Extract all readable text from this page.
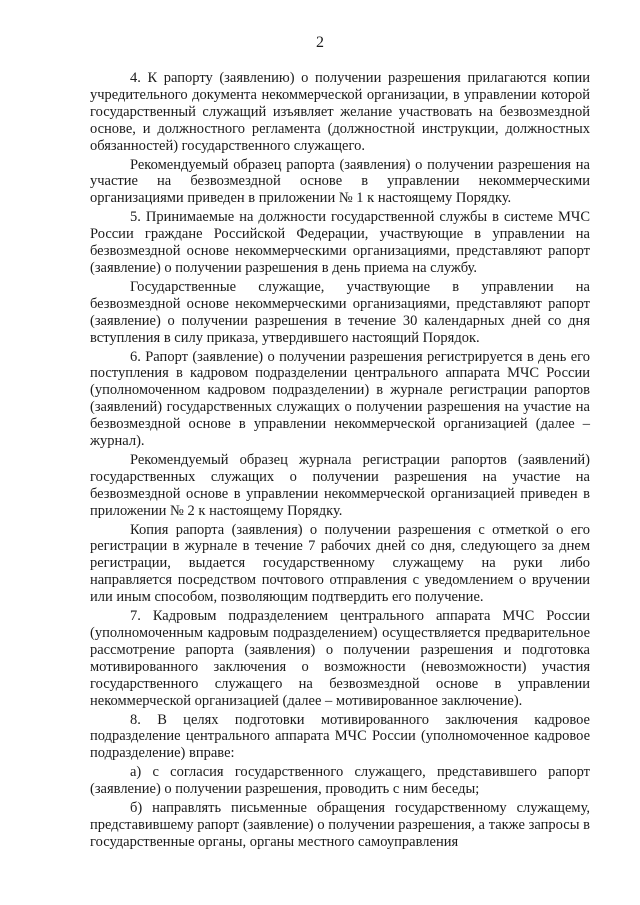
2

4. К рапорту (заявлению) о получении разрешения прилагаются копии учредительного документа некоммерческой организации, в управлении которой государственный служащий изъявляет желание участвовать на безвозмездной основе, и должностного регламента (должностной инструкции, должностных обязанностей) государственного служащего.

Рекомендуемый образец рапорта (заявления) о получении разрешения на участие на безвозмездной основе в управлении некоммерческими организациями приведен в приложении № 1 к настоящему Порядку.

5. Принимаемые на должности государственной службы в системе МЧС России граждане Российской Федерации, участвующие в управлении на безвозмездной основе некоммерческими организациями, представляют рапорт (заявление) о получении разрешения в день приема на службу.

Государственные служащие, участвующие в управлении на безвозмездной основе некоммерческими организациями, представляют рапорт (заявление) о получении разрешения в течение 30 календарных дней со дня вступления в силу приказа, утвердившего настоящий Порядок.

6. Рапорт (заявление) о получении разрешения регистрируется в день его поступления в кадровом подразделении центрального аппарата МЧС России (уполномоченном кадровом подразделении) в журнале регистрации рапортов (заявлений) государственных служащих о получении разрешения на участие на безвозмездной основе в управлении некоммерческой организацией (далее – журнал).

Рекомендуемый образец журнала регистрации рапортов (заявлений) государственных служащих о получении разрешения на участие на безвозмездной основе в управлении некоммерческой организацией приведен в приложении № 2 к настоящему Порядку.

Копия рапорта (заявления) о получении разрешения с отметкой о его регистрации в журнале в течение 7 рабочих дней со дня, следующего за днем регистрации, выдается государственному служащему на руки либо направляется посредством почтового отправления с уведомлением о вручении или иным способом, позволяющим подтвердить его получение.

7. Кадровым подразделением центрального аппарата МЧС России (уполномоченным кадровым подразделением) осуществляется предварительное рассмотрение рапорта (заявления) о получении разрешения и подготовка мотивированного заключения о возможности (невозможности) участия государственного служащего на безвозмездной основе в управлении некоммерческой организацией (далее – мотивированное заключение).

8. В целях подготовки мотивированного заключения кадровое подразделение центрального аппарата МЧС России (уполномоченное кадровое подразделение) вправе:

а) с согласия государственного служащего, представившего рапорт (заявление) о получении разрешения, проводить с ним беседы;

б) направлять письменные обращения государственному служащему, представившему рапорт (заявление) о получении разрешения, а также запросы в государственные органы, органы местного самоуправления
